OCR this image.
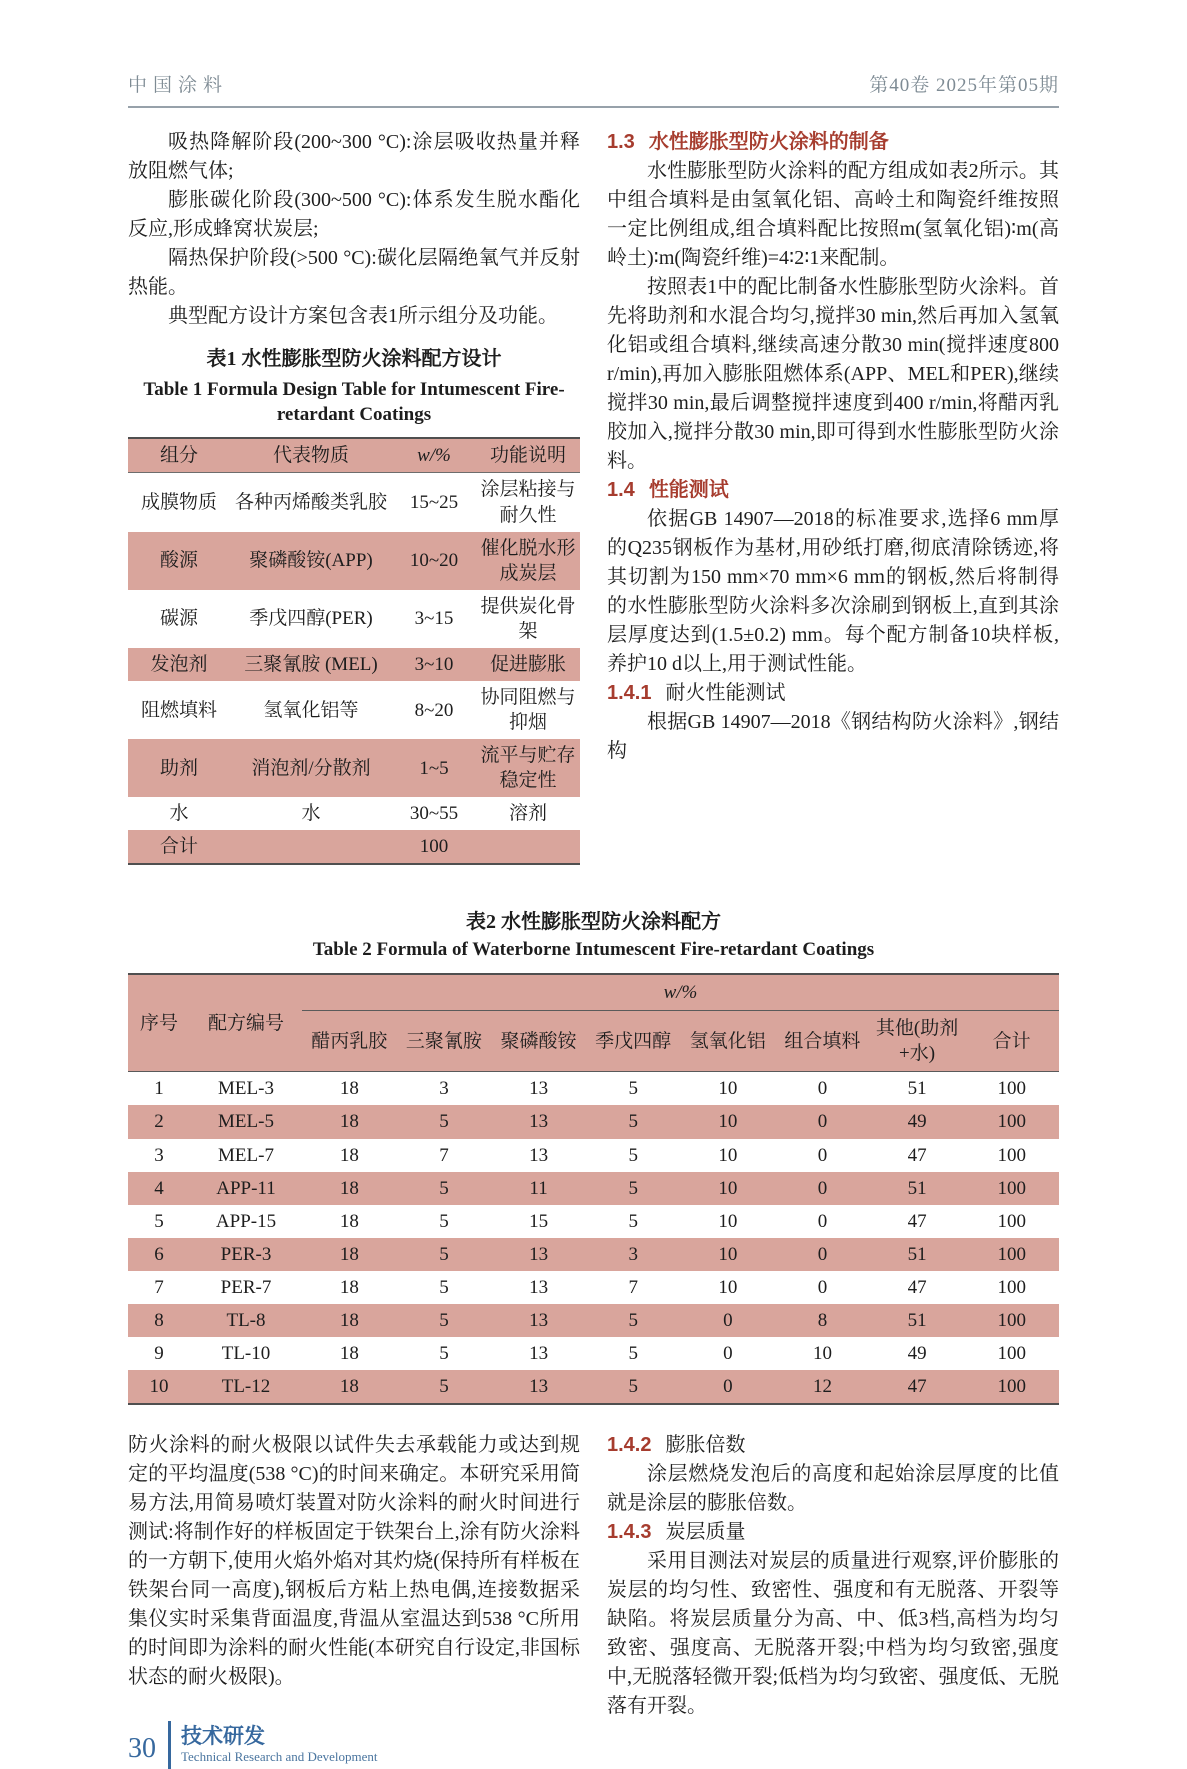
中国涂料	第40卷 2025年第05期

吸热降解阶段(200~300 °C):涂层吸收热量并释放阻燃气体;

膨胀碳化阶段(300~500 °C):体系发生脱水酯化反应,形成蜂窝状炭层;

隔热保护阶段(>500 °C):碳化层隔绝氧气并反射热能。

典型配方设计方案包含表1所示组分及功能。

表1 水性膨胀型防火涂料配方设计
Table 1 Formula Design Table for Intumescent Fire-retardant Coatings
组分	代表物质	w/%	功能说明
成膜物质	各种丙烯酸类乳胶	15~25	涂层粘接与耐久性
酸源	聚磷酸铵(APP)	10~20	催化脱水形成炭层
碳源	季戊四醇(PER)	3~15	提供炭化骨架
发泡剂	三聚氰胺 (MEL)	3~10	促进膨胀
阻燃填料	氢氧化铝等	8~20	协同阻燃与抑烟
助剂	消泡剂/分散剂	1~5	流平与贮存稳定性
水	水	30~55	溶剂
合计		100	

1.3 水性膨胀型防火涂料的制备

水性膨胀型防火涂料的配方组成如表2所示。其中组合填料是由氢氧化铝、高岭土和陶瓷纤维按照一定比例组成,组合填料配比按照m(氢氧化铝)∶m(高岭土)∶m(陶瓷纤维)=4∶2∶1来配制。

按照表1中的配比制备水性膨胀型防火涂料。首先将助剂和水混合均匀,搅拌30 min,然后再加入氢氧化铝或组合填料,继续高速分散30 min(搅拌速度800 r/min),再加入膨胀阻燃体系(APP、MEL和PER),继续搅拌30 min,最后调整搅拌速度到400 r/min,将醋丙乳胶加入,搅拌分散30 min,即可得到水性膨胀型防火涂料。

1.4 性能测试

依据GB 14907—2018的标准要求,选择6 mm厚的Q235钢板作为基材,用砂纸打磨,彻底清除锈迹,将其切割为150 mm×70 mm×6 mm的钢板,然后将制得的水性膨胀型防火涂料多次涂刷到钢板上,直到其涂层厚度达到(1.5±0.2) mm。每个配方制备10块样板,养护10 d以上,用于测试性能。

1.4.1 耐火性能测试

根据GB 14907—2018《钢结构防火涂料》,钢结构

表2 水性膨胀型防火涂料配方
Table 2 Formula of Waterborne Intumescent Fire-retardant Coatings
序号	配方编号	w/%							
		醋丙乳胶	三聚氰胺	聚磷酸铵	季戊四醇	氢氧化铝	组合填料	其他(助剂+水)	合计
1	MEL-3	18	3	13	5	10	0	51	100
2	MEL-5	18	5	13	5	10	0	49	100
3	MEL-7	18	7	13	5	10	0	47	100
4	APP-11	18	5	11	5	10	0	51	100
5	APP-15	18	5	15	5	10	0	47	100
6	PER-3	18	5	13	3	10	0	51	100
7	PER-7	18	5	13	7	10	0	47	100
8	TL-8	18	5	13	5	0	8	51	100
9	TL-10	18	5	13	5	0	10	49	100
10	TL-12	18	5	13	5	0	12	47	100

防火涂料的耐火极限以试件失去承载能力或达到规定的平均温度(538 °C)的时间来确定。本研究采用简易方法,用简易喷灯装置对防火涂料的耐火时间进行测试:将制作好的样板固定于铁架台上,涂有防火涂料的一方朝下,使用火焰外焰对其灼烧(保持所有样板在铁架台同一高度),钢板后方粘上热电偶,连接数据采集仪实时采集背面温度,背温从室温达到538 °C所用的时间即为涂料的耐火性能(本研究自行设定,非国标状态的耐火极限)。

1.4.2 膨胀倍数

涂层燃烧发泡后的高度和起始涂层厚度的比值就是涂层的膨胀倍数。

1.4.3 炭层质量

采用目测法对炭层的质量进行观察,评价膨胀的炭层的均匀性、致密性、强度和有无脱落、开裂等缺陷。将炭层质量分为高、中、低3档,高档为均匀致密、强度高、无脱落开裂;中档为均匀致密,强度中,无脱落轻微开裂;低档为均匀致密、强度低、无脱落有开裂。

30 技术研发
Technical Research and Development
